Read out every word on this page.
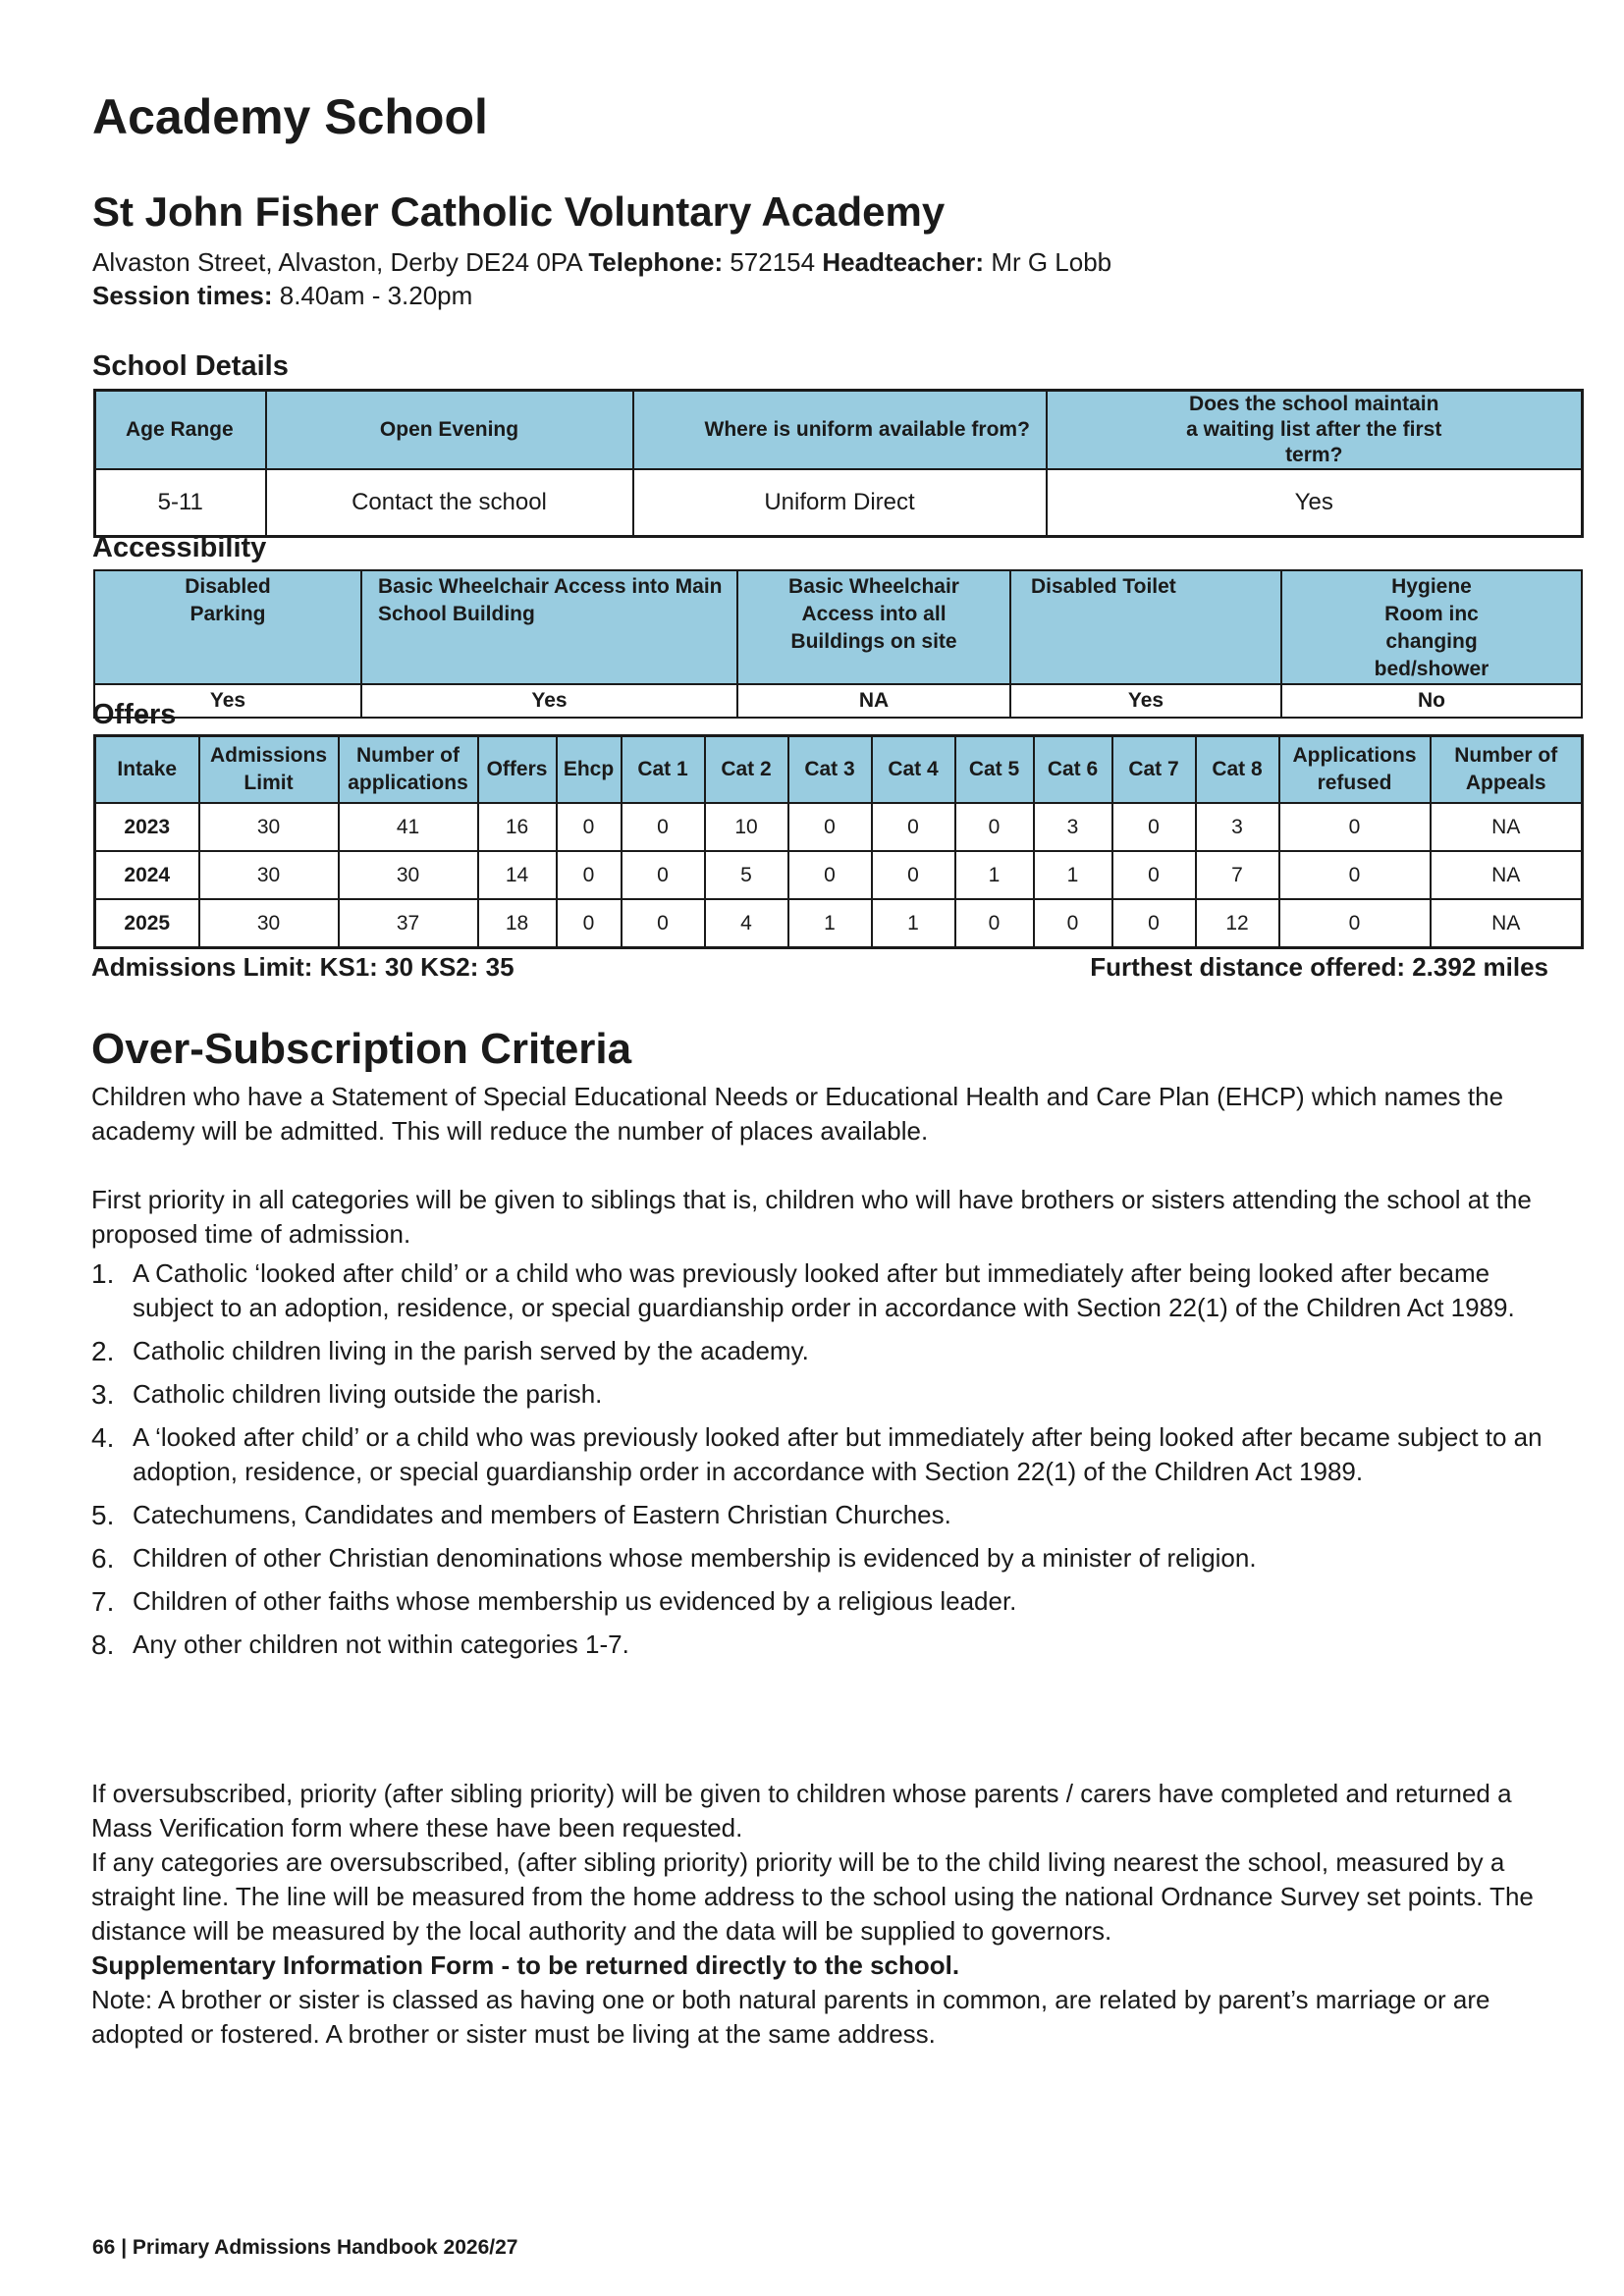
Academy School
St John Fisher Catholic Voluntary Academy
Alvaston Street, Alvaston, Derby DE24 0PA Telephone: 572154 Headteacher: Mr G Lobb
Session times: 8.40am - 3.20pm
School Details
Age Range	Open Evening	Where is uniform available from?	Does the school maintain a waiting list after the first term?
5-11	Contact the school	Uniform Direct	Yes
Accessibility
Disabled Parking	Basic Wheelchair Access into Main School Building	Basic Wheelchair Access into all Buildings on site	Disabled Toilet	Hygiene Room inc changing bed/shower
Yes	Yes	NA	Yes	No
Offers
Intake	Admissions Limit	Number of applications	Offers	Ehcp	Cat 1	Cat 2	Cat 3	Cat 4	Cat 5	Cat 6	Cat 7	Cat 8	Applications refused	Number of Appeals
2023	30	41	16	0	0	10	0	0	0	3	0	3	0	NA
2024	30	30	14	0	0	5	0	0	1	1	0	7	0	NA
2025	30	37	18	0	0	4	1	1	0	0	0	12	0	NA
Admissions Limit: KS1: 30 KS2: 35	Furthest distance offered: 2.392 miles
Over-Subscription Criteria

Children who have a Statement of Special Educational Needs or Educational Health and Care Plan (EHCP) which names the academy will be admitted. This will reduce the number of places available.

First priority in all categories will be given to siblings that is, children who will have brothers or sisters attending the school at the proposed time of admission.

1. A Catholic ‘looked after child’ or a child who was previously looked after but immediately after being looked after became subject to an adoption, residence, or special guardianship order in accordance with Section 22(1) of the Children Act 1989.
2. Catholic children living in the parish served by the academy.
3. Catholic children living outside the parish.
4. A ‘looked after child’ or a child who was previously looked after but immediately after being looked after became subject to an adoption, residence, or special guardianship order in accordance with Section 22(1) of the Children Act 1989.
5. Catechumens, Candidates and members of Eastern Christian Churches.
6. Children of other Christian denominations whose membership is evidenced by a minister of religion.
7. Children of other faiths whose membership us evidenced by a religious leader.
8. Any other children not within categories 1-7.

If oversubscribed, priority (after sibling priority) will be given to children whose parents / carers have completed and returned a Mass Verification form where these have been requested.

If any categories are oversubscribed, (after sibling priority) priority will be to the child living nearest the school, measured by a straight line. The line will be measured from the home address to the school using the national Ordnance Survey set points. The distance will be measured by the local authority and the data will be supplied to governors.

Supplementary Information Form - to be returned directly to the school.

Note: A brother or sister is classed as having one or both natural parents in common, are related by parent’s marriage or are adopted or fostered. A brother or sister must be living at the same address.

66 | Primary Admissions Handbook 2026/27
